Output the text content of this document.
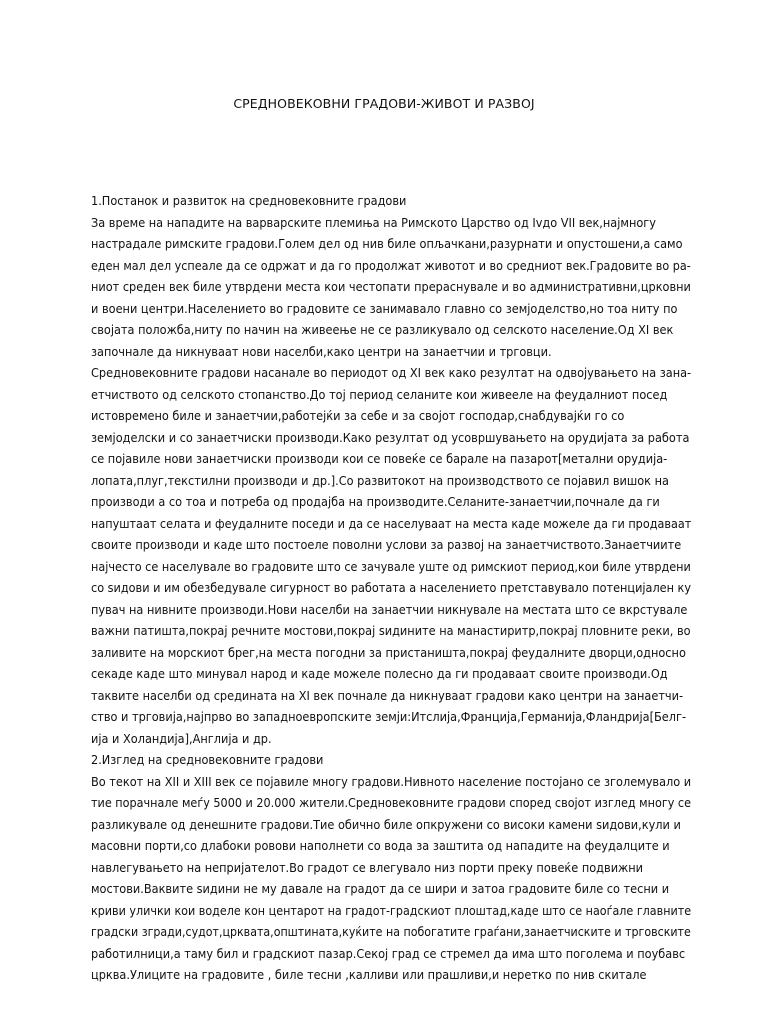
СРЕДНОВЕКОВНИ ГРАДОВИ-ЖИВОТ И РАЗВОЈ
1.Постанок и развиток на средновековните градови
За време на нападите на варварските племиња на Римското Царство од Ivдо VII век,најмногу
настрадале римските градови.Голем дел од нив биле опљачкани,разурнати и опустошени,а само
еден мал дел успеале да се одржат и да го продолжат животот и во средниот век.Градовите во ра-
ниот среден век биле утврдени места кои честопати прераснувале и во административни,црковни
и воени центри.Населението во градовите се занимавало главно со земјоделство,но тоа ниту по
својата положба,ниту по начин на живеење не се разликувало од селското население.Од XI век
започнале да никнуваат нови населби,како центри на занаетчии и трговци.
Средновековните градови насанале во периодот од XI век како резултат на одвојувањето на зана-
етчиството од селското стопанство.До тој период селаните кои живееле на феудалниот посед
истовремено биле и занаетчии,работејќи за себе и за својот господар,снабдувајќи го со
земјоделски и со занаетчиски производи.Како резултат од усовршувањето на орудијата за работа
се појавиле нови занаетчиски производи кои се повеќе се барале на пазарот[метални орудија-
лопата,плуг,текстилни производи и др.].Со развитокот на производството се појавил вишок на
производи а со тоа и потреба од продајба на производите.Селаните-занаетчии,почнале да ги
напуштаат селата и феудалните поседи и да се населуваат на места каде можеле да ги продаваат
своите производи и каде што постоеле поволни услови за развој на занаетчиството.Занаетчиите
најчесто се населувале во градовите што се зачувале уште од римскиот период,кои биле утврдени
со sидови и им обезбедувале сигурност во работата а населението претставувало потенцијален ку
пувач на нивните производи.Нови населби на занаетчии никнувале на местата што се вкрстувале
важни патишта,покрај речните мостови,покрај sидините на манастиритр,покрај пловните реки, во
заливите на морскиот брег,на места погодни за пристаништа,покрај феудалните дворци,односно
секаде каде што минувал народ и каде можеле полесно да ги продаваат своите производи.Од
таквите населби од средината на XI век почнале да никнуваат градови како центри на занаетчи-
ство и трговија,најпрво во западноевропските земји:Итслија,Франција,Германија,Фландрија[Белг-
ија и Холандија],Англија и др.
2.Изглед на средновековните градови
Во текот на XII и XIII век се појавиле многу градови.Нивното население постојано се зголемувало и
тие порачнале меѓу 5000 и 20.000 жители.Средновековните градови според својот изглед многу се
разликувале од денешните градови.Тие обично биле опкружени со високи камени sидови,кули и
масовни порти,со длабоки ровови наполнети со вода за заштита од нападите на феудалците и
навлегувањето на непријателот.Во градот се влегувало низ порти преку повеќе подвижни
мостови.Ваквите sидини не му давале на градот да се шири и затоа градовите биле со тесни и
криви улички кои воделе кон центарот на градот-градскиот плоштад,каде што се наоѓале главните
градски згради,судот,црквата,општината,куќите на побогатите граѓани,занаетчиските и трговските
работилници,а таму бил и градскиот пазар.Секој град се стремел да има што поголема и поубавс
црква.Улиците на градовите , биле тесни ,калливи или прашливи,и неретко по нив скитале
